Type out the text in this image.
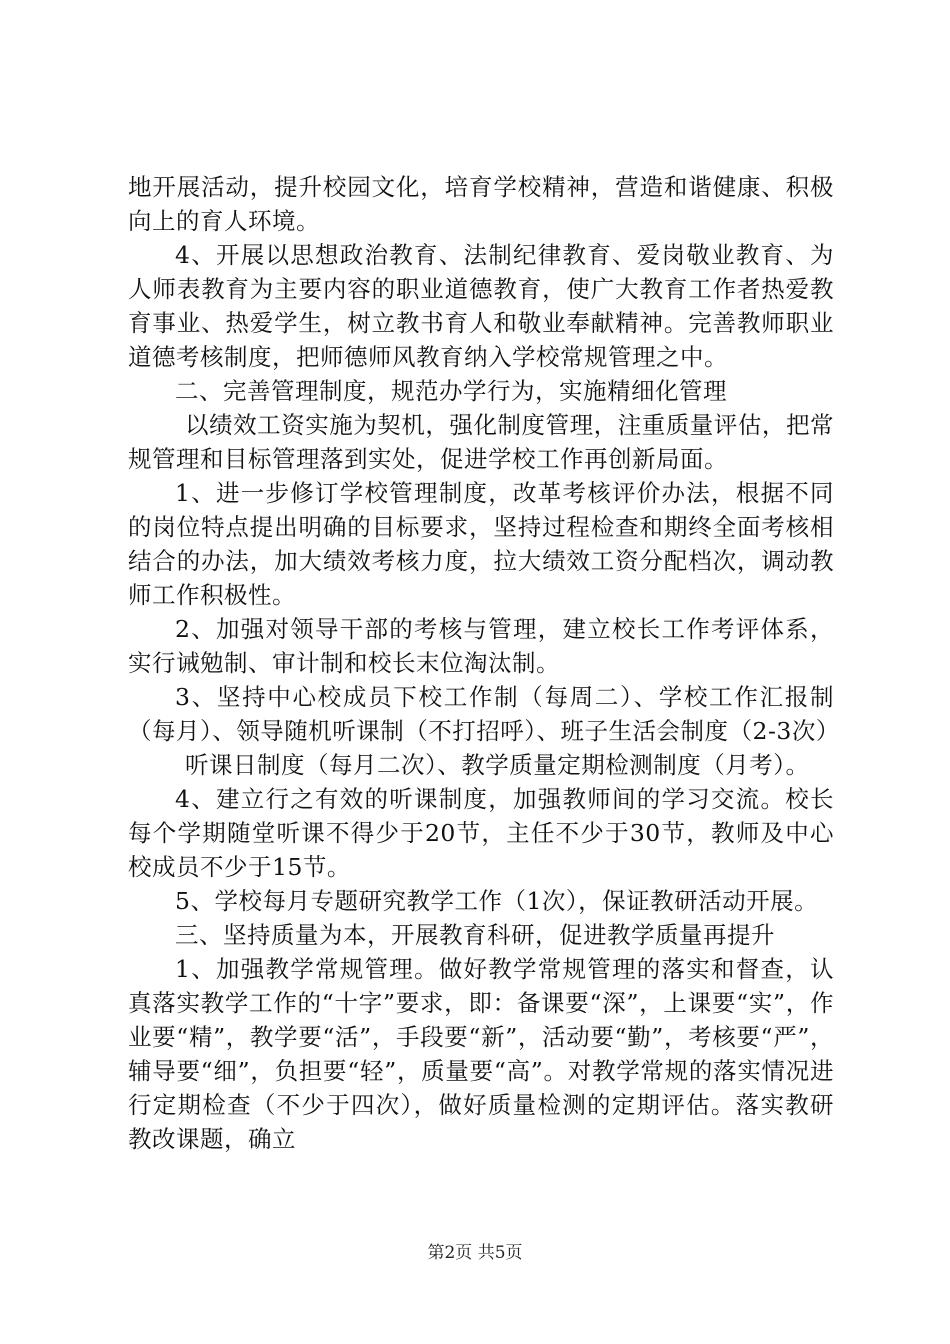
地开展活动，提升校园文化，培育学校精神，营造和谐健康、积极向上的育人环境。

4、开展以思想政治教育、法制纪律教育、爱岗敬业教育、为人师表教育为主要内容的职业道德教育，使广大教育工作者热爱教育事业、热爱学生，树立教书育人和敬业奉献精神。完善教师职业道德考核制度，把师德师风教育纳入学校常规管理之中。

二、完善管理制度，规范办学行为，实施精细化管理

以绩效工资实施为契机，强化制度管理，注重质量评估，把常规管理和目标管理落到实处，促进学校工作再创新局面。

1、进一步修订学校管理制度，改革考核评价办法，根据不同的岗位特点提出明确的目标要求，坚持过程检查和期终全面考核相结合的办法，加大绩效考核力度，拉大绩效工资分配档次，调动教师工作积极性。

2、加强对领导干部的考核与管理，建立校长工作考评体系，实行诫勉制、审计制和校长末位淘汰制。

3、坚持中心校成员下校工作制（每周二）、学校工作汇报制（每月）、领导随机听课制（不打招呼）、班子生活会制度（2-3次）

听课日制度（每月二次）、教学质量定期检测制度（月考）。

4、建立行之有效的听课制度，加强教师间的学习交流。校长每个学期随堂听课不得少于20节，主任不少于30节，教师及中心校成员不少于15节。

5、学校每月专题研究教学工作（1次），保证教研活动开展。

三、坚持质量为本，开展教育科研，促进教学质量再提升

1、加强教学常规管理。做好教学常规管理的落实和督查，认真落实教学工作的“十字”要求，即：备课要“深”，上课要“实”，作业要“精”，教学要“活”，手段要“新”，活动要“勤”，考核要“严”，辅导要“细”，负担要“轻”，质量要“高”。对教学常规的落实情况进行定期检查（不少于四次），做好质量检测的定期评估。落实教研教改课题，确立

第2页 共5页
